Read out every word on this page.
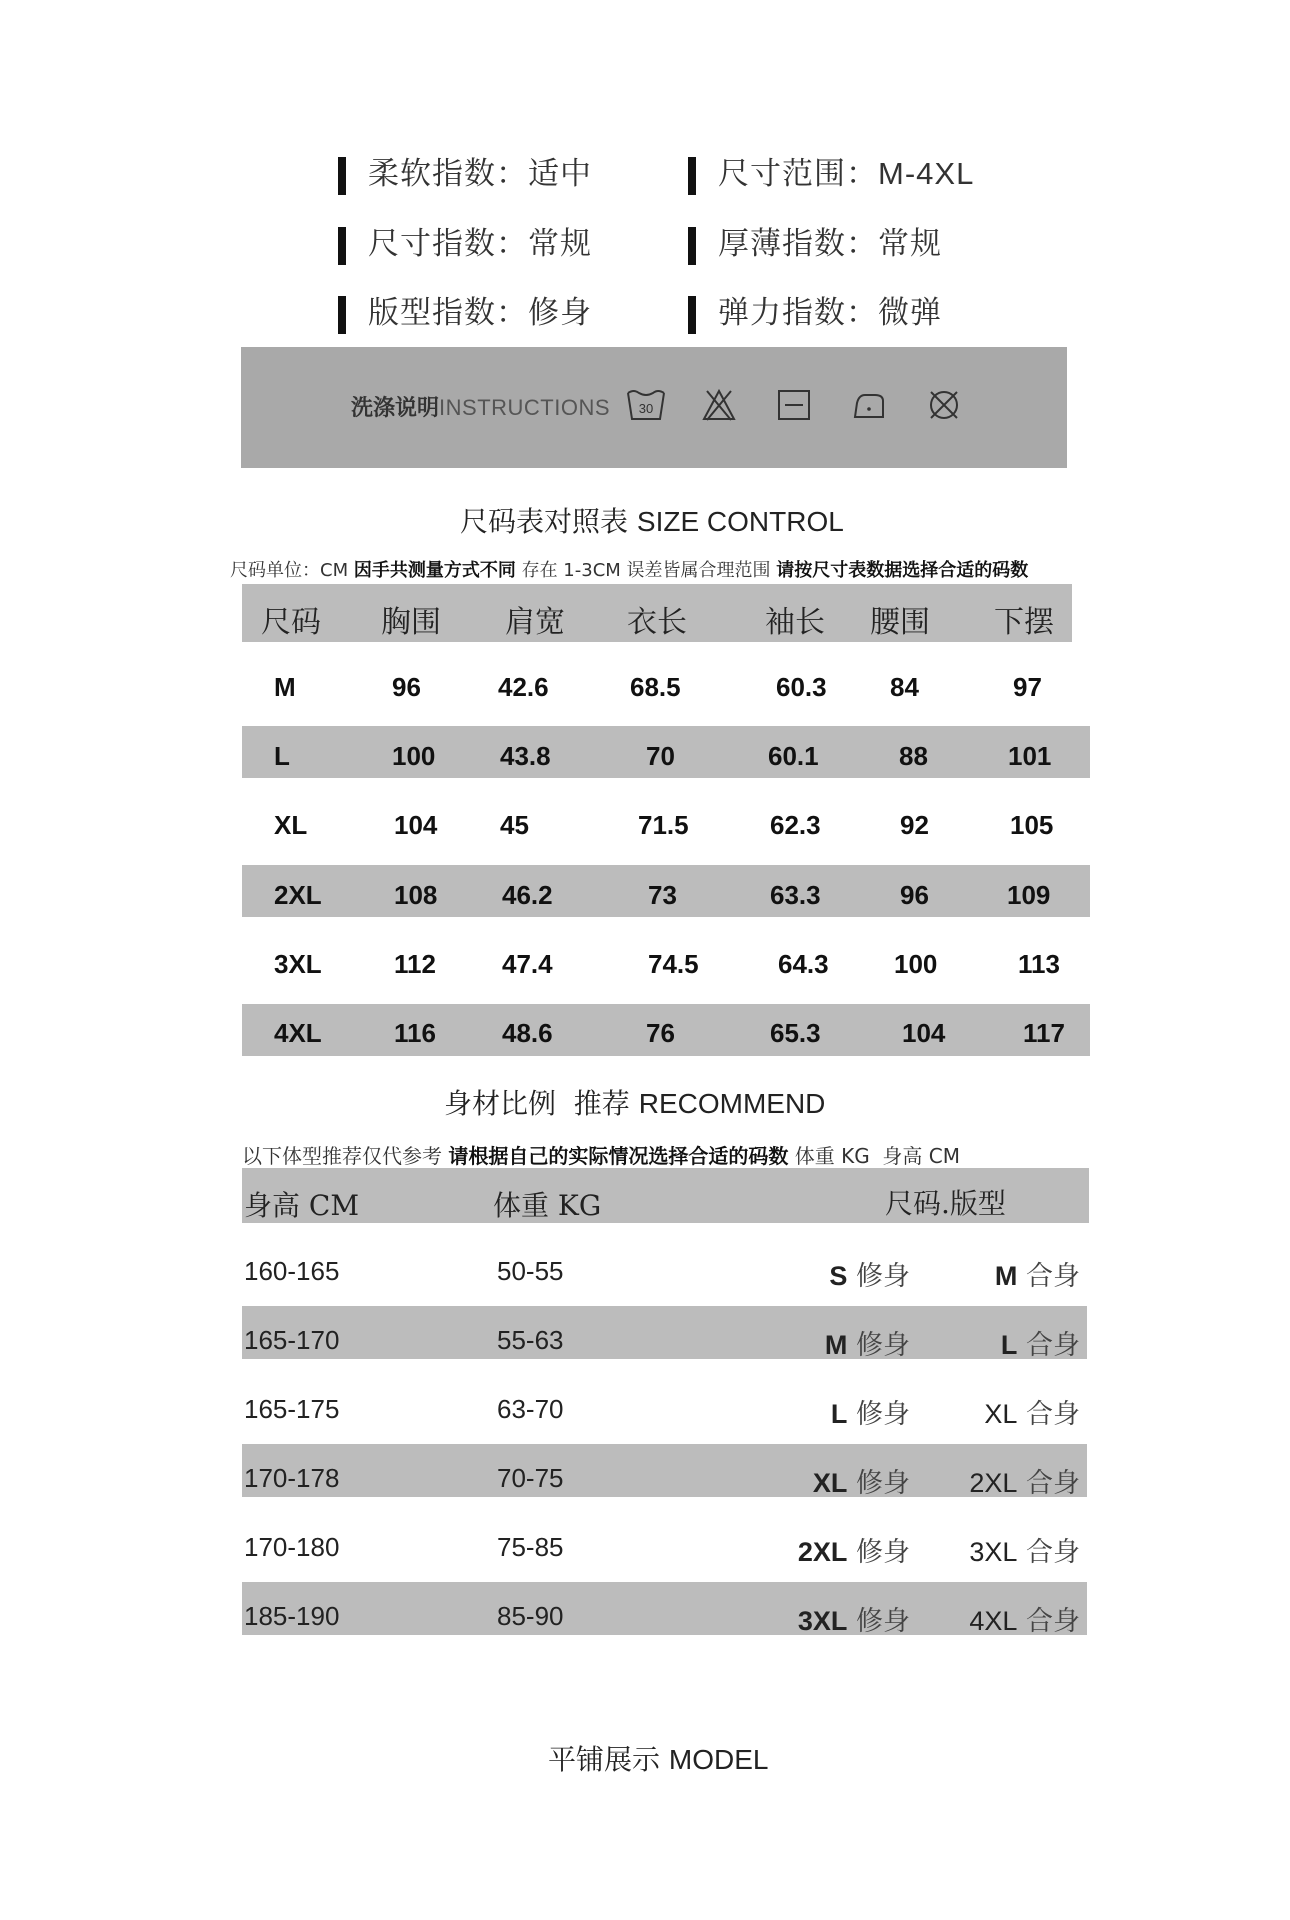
柔软指数：适中	尺寸范围：M-4XL
尺寸指数：常规	厚薄指数：常规
版型指数：修身	弹力指数：微弹
洗涤说明INSTRUCTIONS 30
尺码表对照表 SIZE CONTROL
尺码单位：CM 因手共测量方式不同 存在 1-3CM 误差皆属合理范围 请按尺寸表数据选择合适的码数
尺码 胸围 肩宽 衣长	袖长 腰围 下摆
M	96	42.6	68.5	60.3 84	97
L	100 43.8	70	60.1	88	101
XL	104 45	71.5	62.3	92	105
2XL	108 46.2	73	63.3	96	109
3XL	112	47.4	74.5	64.3	100	113
4XL	116	48.6	76	65.3	104	117
身材比例  推荐 RECOMMEND
以下体型推荐仅代参考 请根据自己的实际情况选择合适的码数 体重 KG  身高 CM
身高 CM	体重 KG	尺码.版型
160-165	50-55	S 修身	M 合身
165-170	55-63	M 修身	L 合身
165-175	63-70	L 修身	XL 合身
170-178	70-75	XL 修身	2XL 合身
170-180	75-85	2XL 修身	3XL 合身
185-190	85-90	3XL 修身	4XL 合身
平铺展示 MODEL
